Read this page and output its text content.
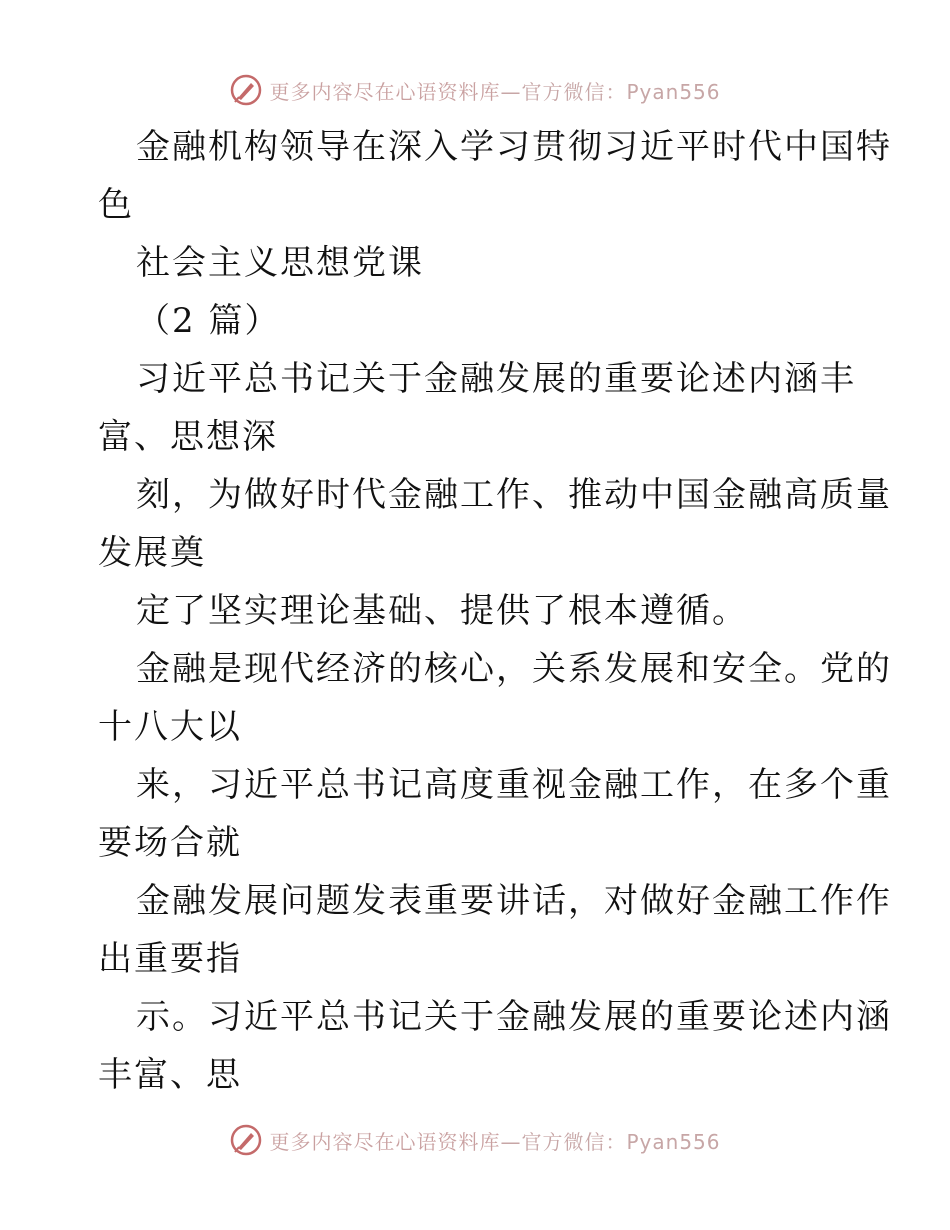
更多内容尽在心语资料库—官方微信：Pyan556
金融机构领导在深入学习贯彻习近平时代中国特
色
社会主义思想党课
（2 篇）
习近平总书记关于金融发展的重要论述内涵丰
富、思想深
刻，为做好时代金融工作、推动中国金融高质量
发展奠
定了坚实理论基础、提供了根本遵循。
金融是现代经济的核心，关系发展和安全。党的
十八大以
来，习近平总书记高度重视金融工作，在多个重
要场合就
金融发展问题发表重要讲话，对做好金融工作作
出重要指
示。习近平总书记关于金融发展的重要论述内涵
丰富、思
更多内容尽在心语资料库—官方微信：Pyan556
